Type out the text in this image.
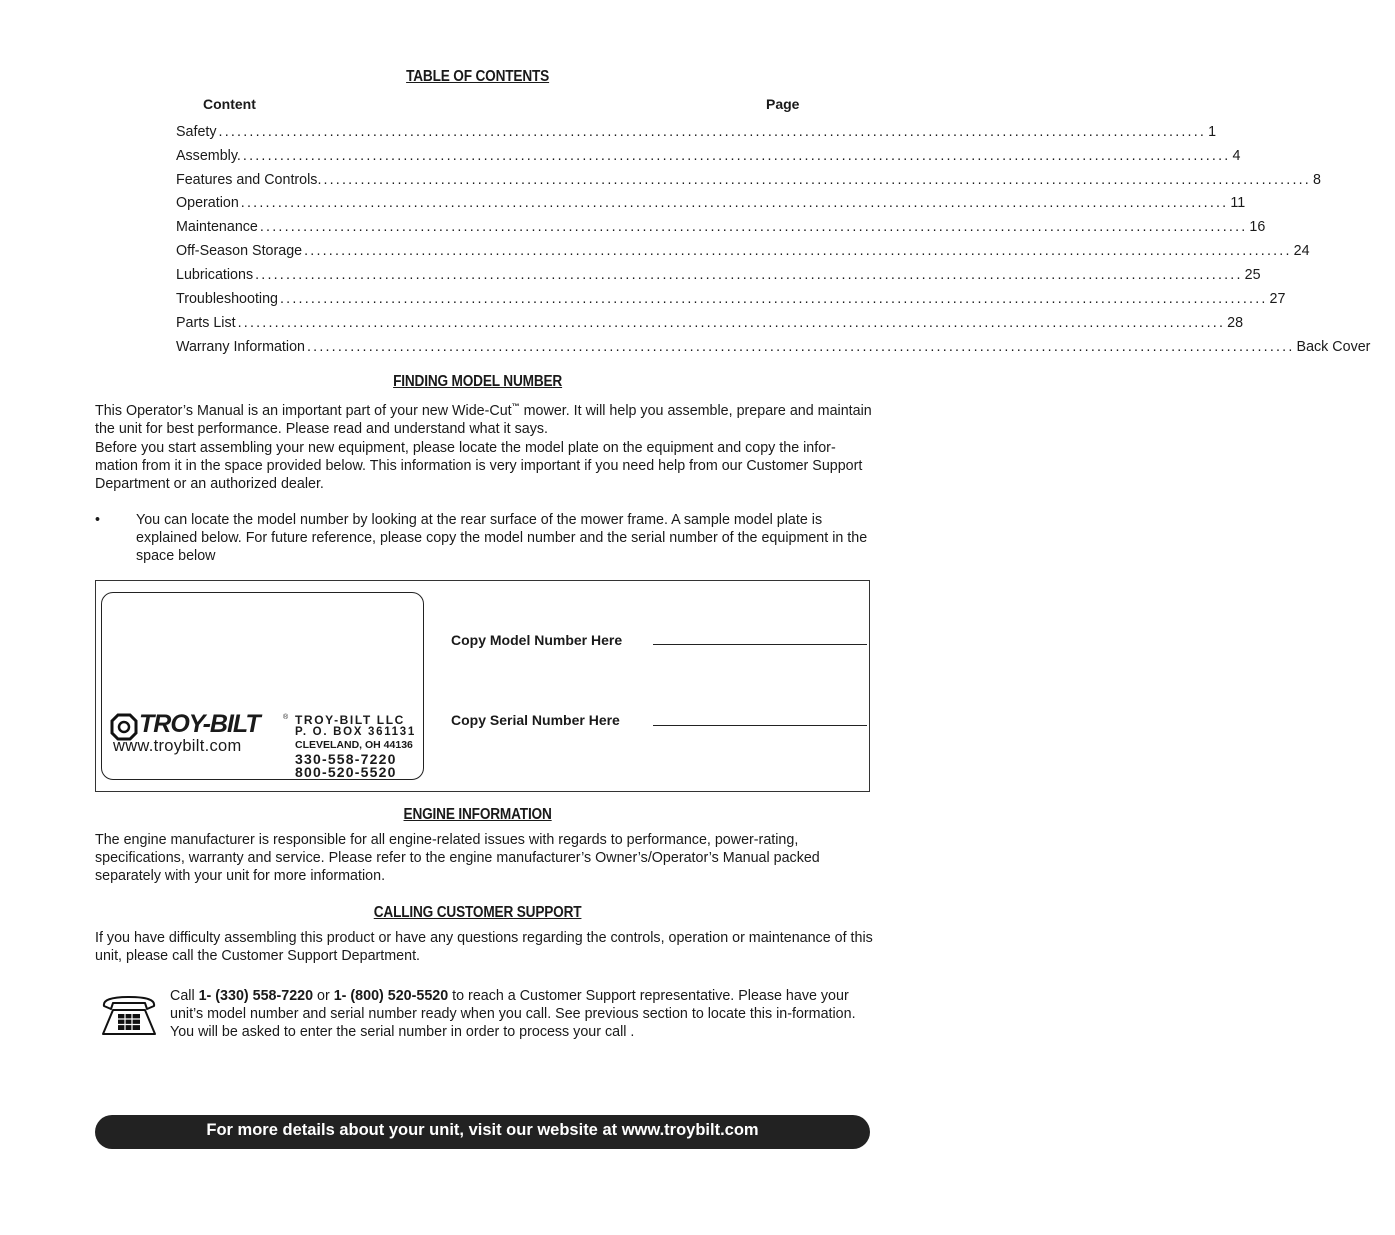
TABLE OF CONTENTS
Content	Page
Safety ................................................................................................................................................................ 1
Assembly. ................................................................................................................................................................ 4
Features and Controls. ................................................................................................................................................................ 8
Operation ................................................................................................................................................................ 11
Maintenance ................................................................................................................................................................ 16
Off-Season Storage ................................................................................................................................................................ 24
Lubrications ................................................................................................................................................................ 25
Troubleshooting ................................................................................................................................................................ 27
Parts List ................................................................................................................................................................ 28
Warrany Information ................................................................................................................................................................ Back Cover
FINDING MODEL NUMBER
This Operator’s Manual is an important part of your new Wide-Cut™ mower. It will help you assemble, prepare and maintain the unit for best performance. Please read and understand what it says.
Before you start assembling your new equipment, please locate the model plate on the equipment and copy the infor-mation from it in the space provided below. This information is very important if you need help from our Customer Support Department or an authorized dealer.
•	You can locate the model number by looking at the rear surface of the mower frame. A sample model plate is explained below. For future reference, please copy the model number and the serial number of the equipment in the space below
TROY-BILT	®
www.troybilt.com
TROY-BILT LLC
P. O. BOX 361131
CLEVELAND, OH 44136
330-558-7220
800-520-5520
Copy Model Number Here
Copy Serial Number Here
ENGINE INFORMATION
The engine manufacturer is responsible for all engine-related issues with regards to performance, power-rating, specifications, warranty and service. Please refer to the engine manufacturer’s Owner’s/Operator’s Manual packed separately with your unit for more information.
CALLING CUSTOMER SUPPORT
If you have difficulty assembling this product or have any questions regarding the controls, operation or maintenance of this unit, please call the Customer Support Department.
Call 1- (330) 558-7220 or 1- (800) 520-5520 to reach a Customer Support representative. Please have your unit’s model number and serial number ready when you call. See previous section to locate this in-formation. You will be asked to enter the serial number in order to process your call .
For more details about your unit, visit our website at www.troybilt.com
